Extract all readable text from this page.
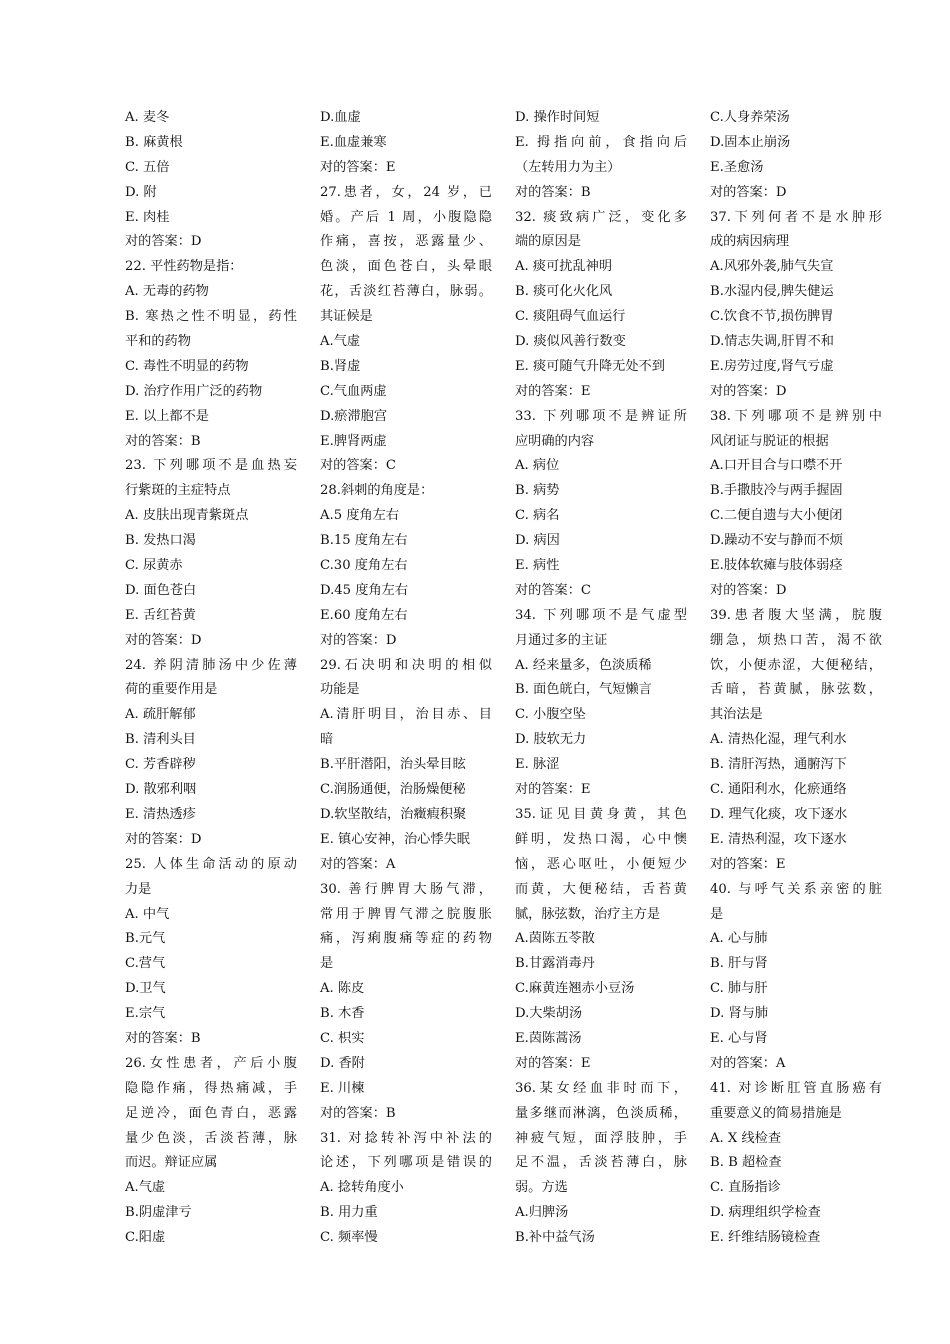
A. 麦冬
B. 麻黄根
C. 五倍
D. 附
E. 肉桂
对的答案：D
22. 平性药物是指：
A. 无毒的药物
B. 寒热之性不明显，药性
平和的药物
C. 毒性不明显的药物
D. 治疗作用广泛的药物
E. 以上都不是
对的答案：B
23. 下列哪项不是血热妄
行紫斑的主症特点
A. 皮肤出现青紫斑点
B. 发热口渴
C. 尿黄赤
D. 面色苍白
E. 舌红苔黄
对的答案：D
24. 养阴清肺汤中少佐薄
荷的重要作用是
A. 疏肝解郁
B. 清利头目
C. 芳香辟秽
D. 散邪利咽
E. 清热透疹
对的答案：D
25. 人体生命活动的原动
力是
A. 中气
B.元气
C.营气
D.卫气
E.宗气
对的答案：B
26.女性患者，产后小腹
隐隐作痛，得热痛减，手
足逆冷，面色青白，恶露
量少色淡，舌淡苔薄，脉
而迟。辩证应属
A.气虚
B.阴虚津亏
C.阳虚
D.血虚
E.血虚兼寒
对的答案：E
27.患者，女，24 岁，已
婚。产后 1 周，小腹隐隐
作痛，喜按，恶露量少、
色淡，面色苍白，头晕眼
花，舌淡红苔薄白，脉弱。
其证候是
A.气虚
B.肾虚
C.气血两虚
D.瘀滞胞宫
E.脾肾两虚
对的答案：C
28.斜刺的角度是：
A.5 度角左右
B.15 度角左右
C.30 度角左右
D.45 度角左右
E.60 度角左右
对的答案：D
29.石决明和决明的相似
功能是
A.清肝明目，治目赤、目
暗
B.平肝潜阳，治头晕目眩
C.润肠通便，治肠燥便秘
D.软坚散结，治癥瘕积聚
E. 镇心安神，治心悸失眠
对的答案：A
30. 善行脾胃大肠气滞，
常用于脾胃气滞之脘腹胀
痛，泻痢腹痛等症的药物
是
A. 陈皮
B. 木香
C. 枳实
D. 香附
E. 川楝
对的答案：B
31. 对捻转补泻中补法的
论述，下列哪项是错误的
A. 捻转角度小
B. 用力重
C. 频率慢
D. 操作时间短
E. 拇指向前，食指向后
（左转用力为主）
对的答案：B
32. 痰致病广泛，变化多
端的原因是
A. 痰可扰乱神明
B. 痰可化火化风
C. 痰阻碍气血运行
D. 痰似风善行数变
E. 痰可随气升降无处不到
对的答案：E
33. 下列哪项不是辨证所
应明确的内容
A. 病位
B. 病势
C. 病名
D. 病因
E. 病性
对的答案：C
34. 下列哪项不是气虚型
月通过多的主证
A. 经来量多，色淡质稀
B. 面色㿠白，气短懒言
C. 小腹空坠
D. 肢软无力
E. 脉涩
对的答案：E
35.证见目黄身黄，其色
鲜明，发热口渴，心中懊
恼，恶心呕吐，小便短少
而黄，大便秘结，舌苔黄
腻，脉弦数，治疗主方是
A.茵陈五苓散
B.甘露消毒丹
C.麻黄连翘赤小豆汤
D.大柴胡汤
E.茵陈蒿汤
对的答案：E
36.某女经血非时而下，
量多继而淋漓，色淡质稀，
神疲气短，面浮肢肿，手
足不温，舌淡苔薄白，脉
弱。方选
A.归脾汤
B.补中益气汤
C.人身养荣汤
D.固本止崩汤
E.圣愈汤
对的答案：D
37.下列何者不是水肿形
成的病因病理
A.风邪外袭,肺气失宣
B.水湿内侵,脾失健运
C.饮食不节,损伤脾胃
D.情志失调,肝胃不和
E.房劳过度,肾气亏虚
对的答案：D
38.下列哪项不是辨别中
风闭证与脱证的根据
A.口开目合与口噤不开
B.手撒肢冷与两手握固
C.二便自遗与大小便闭
D.躁动不安与静而不烦
E.肢体软瘫与肢体弱痉
对的答案：D
39.患者腹大坚满，脘腹
绷急，烦热口苦，渴不欲
饮，小便赤涩，大便秘结，
舌暗，苔黄腻，脉弦数，
其治法是
A. 清热化湿，理气利水
B. 清肝泻热，通腑泻下
C. 通阳利水，化瘀通络
D. 理气化痰，攻下逐水
E. 清热利湿，攻下逐水
对的答案：E
40. 与呼气关系亲密的脏
是
A. 心与肺
B. 肝与肾
C. 肺与肝
D. 肾与肺
E. 心与肾
对的答案：A
41. 对诊断肛管直肠癌有
重要意义的简易措施是
A. X 线检查
B. B 超检查
C. 直肠指诊
D. 病理组织学检查
E. 纤维结肠镜检查
